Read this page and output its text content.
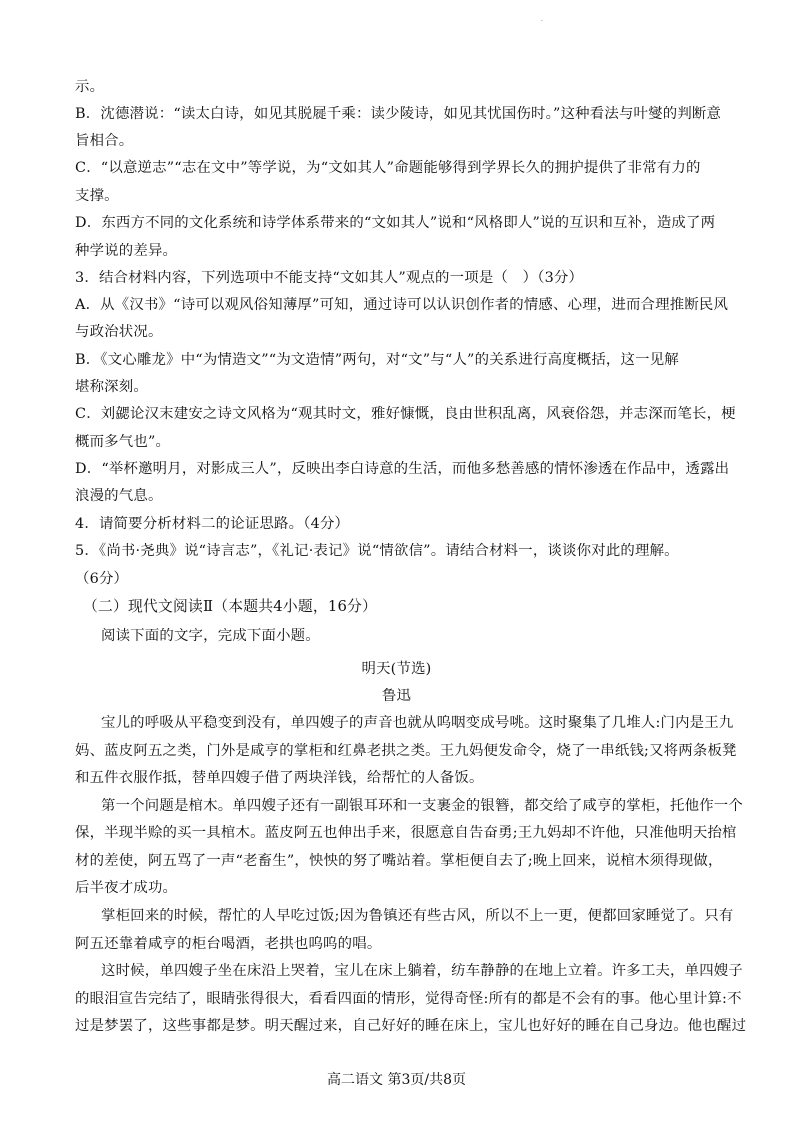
·
示。
B．沈德潜说：“读太白诗，如见其脱屣千乘：读少陵诗，如见其忧国伤时。”这种看法与叶燮的判断意
旨相合。
C．“以意逆志”“志在文中”等学说，为“文如其人”命题能够得到学界长久的拥护提供了非常有力的
支撑。
D．东西方不同的文化系统和诗学体系带来的“文如其人”说和“风格即人”说的互识和互补，造成了两
种学说的差异。
3．结合材料内容，下列选项中不能支持“文如其人”观点的一项是（　）（3分）
A．从《汉书》“诗可以观风俗知薄厚”可知，通过诗可以认识创作者的情感、心理，进而合理推断民风
与政治状况。
B．《文心雕龙》中“为情造文”“为文造情”两句，对“文”与“人”的关系进行高度概括，这一见解
堪称深刻。
C．刘勰论汉末建安之诗文风格为“观其时文，雅好慷慨，良由世积乱离，风衰俗怨，并志深而笔长，梗
概而多气也”。
D．“举杯邀明月，对影成三人”，反映出李白诗意的生活，而他多愁善感的情怀渗透在作品中，透露出
浪漫的气息。
4．请简要分析材料二的论证思路。（4分）
5．《尚书·尧典》说“诗言志”，《礼记·表记》说“情欲信”。请结合材料一，谈谈你对此的理解。
（6分）
（二）现代文阅读Ⅱ（本题共4小题，16分）
阅读下面的文字，完成下面小题。
明天(节选)
鲁迅
宝儿的呼吸从平稳变到没有，单四嫂子的声音也就从呜咽变成号咷。这时聚集了几堆人:门内是王九
妈、蓝皮阿五之类，门外是咸亨的掌柜和红鼻老拱之类。王九妈便发命令，烧了一串纸钱;又将两条板凳
和五件衣服作抵，替单四嫂子借了两块洋钱，给帮忙的人备饭。
第一个问题是棺木。单四嫂子还有一副银耳环和一支裹金的银簪，都交给了咸亨的掌柜，托他作一个
保，半现半赊的买一具棺木。蓝皮阿五也伸出手来，很愿意自告奋勇;王九妈却不许他，只准他明天抬棺
材的差使，阿五骂了一声“老畜生”，怏怏的努了嘴站着。掌柜便自去了;晚上回来，说棺木须得现做，
后半夜才成功。
掌柜回来的时候，帮忙的人早吃过饭;因为鲁镇还有些古风，所以不上一更，便都回家睡觉了。只有
阿五还靠着咸亨的柜台喝酒，老拱也呜呜的唱。
这时候，单四嫂子坐在床沿上哭着，宝儿在床上躺着，纺车静静的在地上立着。许多工夫，单四嫂子
的眼泪宣告完结了，眼睛张得很大，看看四面的情形，觉得奇怪:所有的都是不会有的事。他心里计算:不
过是梦罢了，这些事都是梦。明天醒过来，自己好好的睡在床上，宝儿也好好的睡在自己身边。他也醒过
高二语文 第3页/共8页
